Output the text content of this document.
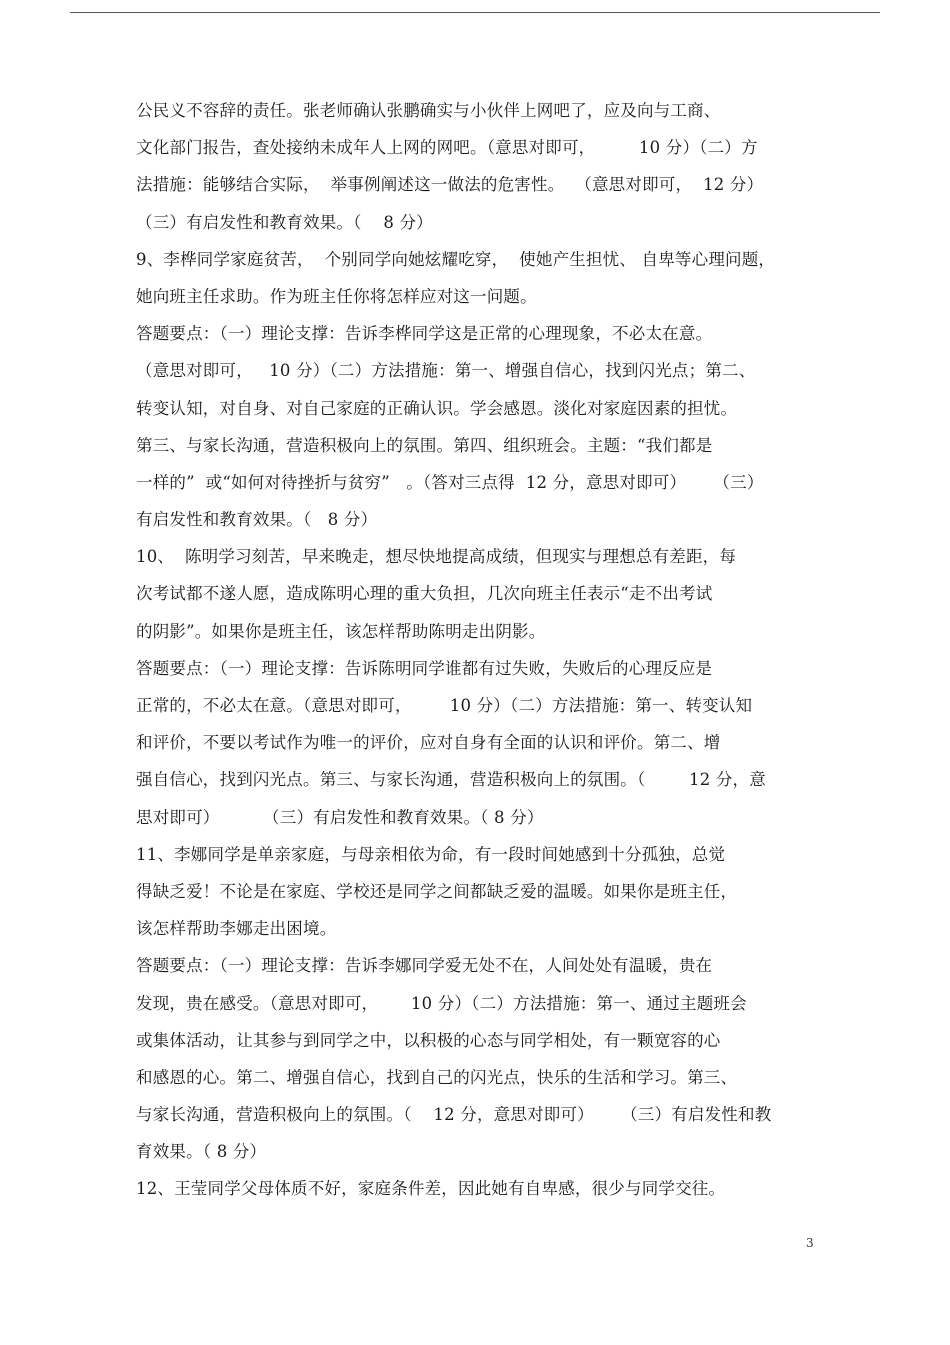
公民义不容辞的责任。张老师确认张鹏确实与小伙伴上网吧了，应及向与工商、
文化部门报告，查处接纳未成年人上网的网吧。（意思对即可，        10 分）（二）方
法措施：能够结合实际，  举事例阐述这一做法的危害性。  （意思对即可，  12 分）
（三）有启发性和教育效果。（    8 分）
9、李桦同学家庭贫苦，  个别同学向她炫耀吃穿，  使她产生担忧、 自卑等心理问题，
她向班主任求助。作为班主任你将怎样应对这一问题。
答题要点：（一）理论支撑：告诉李桦同学这是正常的心理现象，不必太在意。
（意思对即可，   10 分）（二）方法措施：第一、增强自信心，找到闪光点；第二、
转变认知，对自身、对自己家庭的正确认识。学会感恩。淡化对家庭因素的担忧。
第三、与家长沟通，营造积极向上的氛围。第四、组织班会。主题：“我们都是
一样的”  或“如何对待挫折与贫穷”   。（答对三点得  12 分，意思对即可）     （三）
有启发性和教育效果。（   8 分）
10、  陈明学习刻苦，早来晚走，想尽快地提高成绩，但现实与理想总有差距，每
次考试都不遂人愿，造成陈明心理的重大负担，几次向班主任表示“走不出考试
的阴影”。如果你是班主任，该怎样帮助陈明走出阴影。
答题要点：（一）理论支撑：告诉陈明同学谁都有过失败，失败后的心理反应是
正常的，不必太在意。（意思对即可，       10 分）（二）方法措施：第一、转变认知
和评价，不要以考试作为唯一的评价，应对自身有全面的认识和评价。第二、增
强自信心，找到闪光点。第三、与家长沟通，营造积极向上的氛围。（        12 分，意
思对即可）        （三）有启发性和教育效果。（ 8 分）
11、李娜同学是单亲家庭，与母亲相依为命，有一段时间她感到十分孤独，总觉
得缺乏爱！不论是在家庭、学校还是同学之间都缺乏爱的温暖。如果你是班主任，
该怎样帮助李娜走出困境。
答题要点：（一）理论支撑：告诉李娜同学爱无处不在，人间处处有温暖，贵在
发现，贵在感受。（意思对即可，      10 分）（二）方法措施：第一、通过主题班会
或集体活动，让其参与到同学之中，以积极的心态与同学相处，有一颗宽容的心
和感恩的心。第二、增强自信心，找到自己的闪光点，快乐的生活和学习。第三、
与家长沟通，营造积极向上的氛围。（    12 分，意思对即可）     （三）有启发性和教
育效果。（ 8 分）
12、王莹同学父母体质不好，家庭条件差，因此她有自卑感，很少与同学交往。
3
